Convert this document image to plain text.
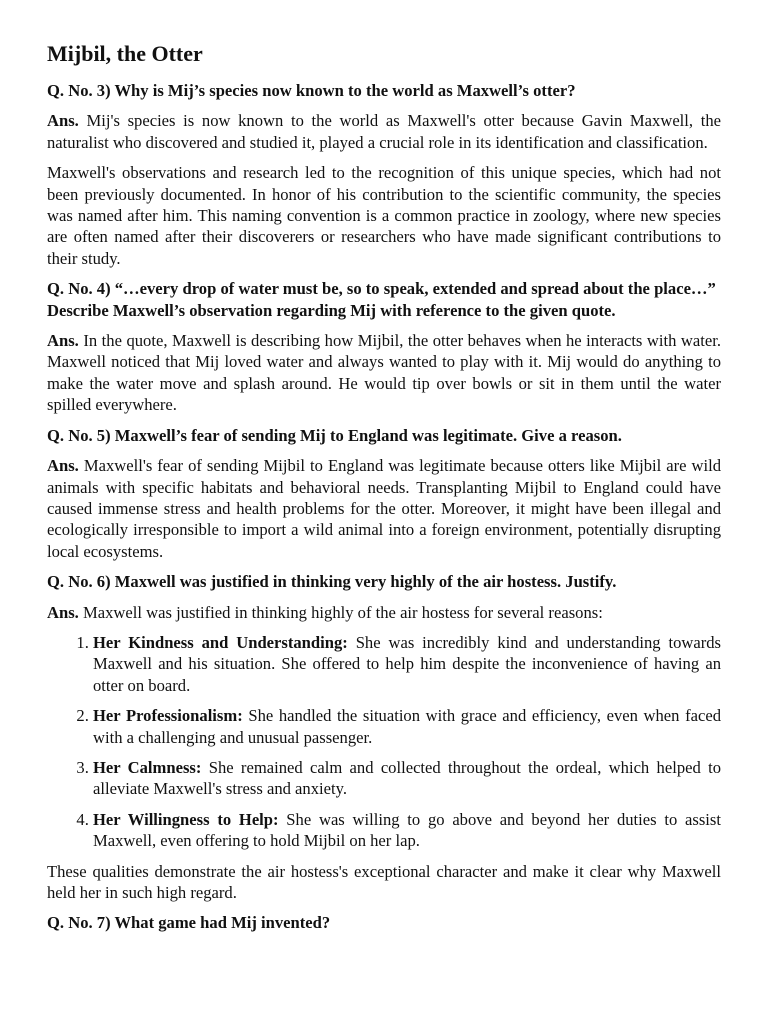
Mijbil, the Otter

Q. No. 3) Why is Mij’s species now known to the world as Maxwell’s otter?

Ans. Mij's species is now known to the world as Maxwell's otter because Gavin Maxwell, the naturalist who discovered and studied it, played a crucial role in its identification and classification.

Maxwell's observations and research led to the recognition of this unique species, which had not been previously documented. In honor of his contribution to the scientific community, the species was named after him. This naming convention is a common practice in zoology, where new species are often named after their discoverers or researchers who have made significant contributions to their study.

Q. No. 4) “…every drop of water must be, so to speak, extended and spread about the place…”
Describe Maxwell’s observation regarding Mij with reference to the given quote.

Ans. In the quote, Maxwell is describing how Mijbil, the otter behaves when he interacts with water. Maxwell noticed that Mij loved water and always wanted to play with it. Mij would do anything to make the water move and splash around. He would tip over bowls or sit in them until the water spilled everywhere.

Q. No. 5) Maxwell’s fear of sending Mij to England was legitimate. Give a reason.

Ans. Maxwell's fear of sending Mijbil to England was legitimate because otters like Mijbil are wild animals with specific habitats and behavioral needs. Transplanting Mijbil to England could have caused immense stress and health problems for the otter. Moreover, it might have been illegal and ecologically irresponsible to import a wild animal into a foreign environment, potentially disrupting local ecosystems.

Q. No. 6) Maxwell was justified in thinking very highly of the air hostess. Justify.

Ans. Maxwell was justified in thinking highly of the air hostess for several reasons:

1. Her Kindness and Understanding: She was incredibly kind and understanding towards Maxwell and his situation. She offered to help him despite the inconvenience of having an otter on board.
2. Her Professionalism: She handled the situation with grace and efficiency, even when faced with a challenging and unusual passenger.
3. Her Calmness: She remained calm and collected throughout the ordeal, which helped to alleviate Maxwell's stress and anxiety.
4. Her Willingness to Help: She was willing to go above and beyond her duties to assist Maxwell, even offering to hold Mijbil on her lap.

These qualities demonstrate the air hostess's exceptional character and make it clear why Maxwell held her in such high regard.

Q. No. 7) What game had Mij invented?
